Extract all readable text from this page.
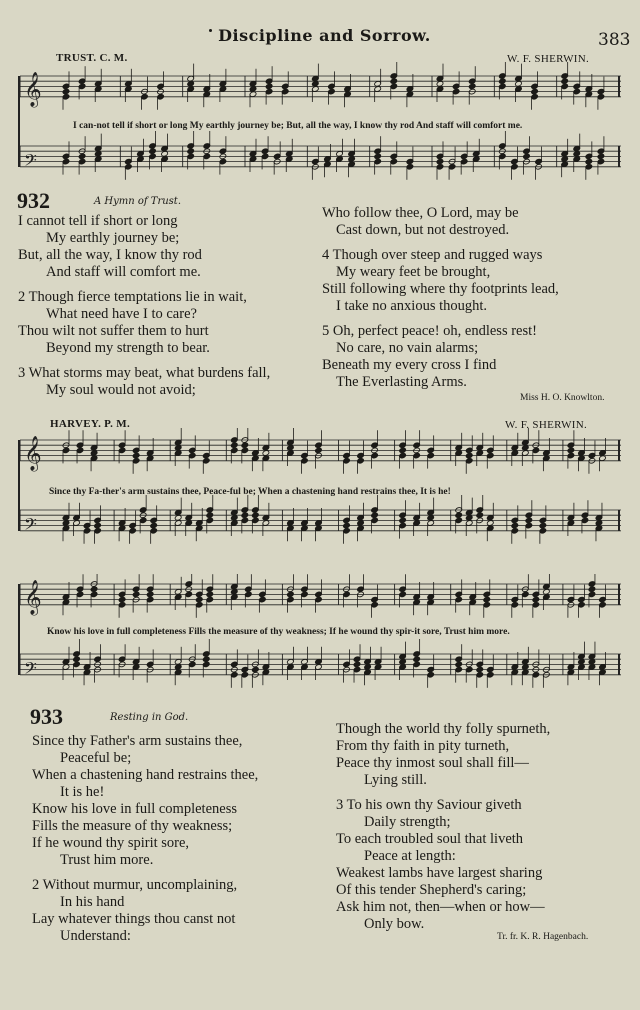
Discipline and Sorrow.	383
TRUST. C. M.	W. F. SHERWIN.
𝄞
𝄢
I can-not tell if short or long My earthly journey be; But, all the way, I know thy rod And staff will comfort me.
932	A Hymn of Trust.
I cannot tell if short or long
My earthly journey be;
But, all the way, I know thy rod
And staff will comfort me.
2 Though fierce temptations lie in wait,
What need have I to care?
Thou wilt not suffer them to hurt
Beyond my strength to bear.
3 What storms may beat, what burdens fall,
My soul would not avoid;
Who follow thee, O Lord, may be
Cast down, but not destroyed.
4 Though over steep and rugged ways
My weary feet be brought,
Still following where thy footprints lead,
I take no anxious thought.
5 Oh, perfect peace! oh, endless rest!
No care, no vain alarms;
Beneath my every cross I find
The Everlasting Arms.
Miss H. O. Knowlton.
HARVEY. P. M.	W. F. SHERWIN.
𝄞
𝄢
Since thy Fa-ther's arm sustains thee, Peace-ful be; When a chastening hand restrains thee, It is he!
𝄞
𝄢
Know his love in full completeness Fills the measure of thy weakness; If he wound thy spir-it sore, Trust him more.
933	Resting in God.
Since thy Father's arm sustains thee,
Peaceful be;
When a chastening hand restrains thee,
It is he!
Know his love in full completeness
Fills the measure of thy weakness;
If he wound thy spirit sore,
Trust him more.
2 Without murmur, uncomplaining,
In his hand
Lay whatever things thou canst not
Understand:
Though the world thy folly spurneth,
From thy faith in pity turneth,
Peace thy inmost soul shall fill—
Lying still.
3 To his own thy Saviour giveth
Daily strength;
To each troubled soul that liveth
Peace at length:
Weakest lambs have largest sharing
Of this tender Shepherd's caring;
Ask him not, then—when or how—
Only bow.
Tr. fr. K. R. Hagenbach.
